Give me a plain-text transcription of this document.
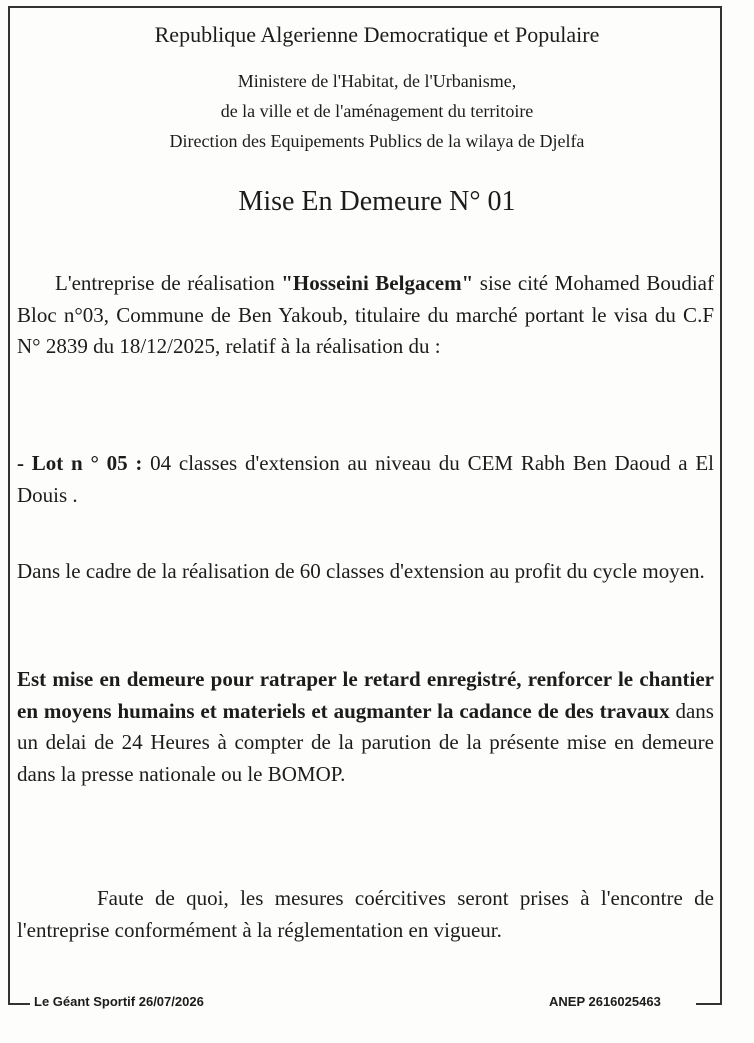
Republique Algerienne Democratique et Populaire
Ministere de l'Habitat, de l'Urbanisme,
de la ville et de l'aménagement du territoire
Direction des Equipements Publics de la wilaya de Djelfa
Mise En Demeure N° 01
L'entreprise de réalisation "Hosseini Belgacem" sise cité Mohamed Boudiaf Bloc n°03, Commune de Ben Yakoub, titulaire du marché portant le visa du C.F N° 2839 du 18/12/2025, relatif à la réalisation du :
- Lot n ° 05 : 04 classes d'extension au niveau du CEM Rabh Ben Daoud a El Douis .
Dans le cadre de la réalisation de 60 classes d'extension au profit du cycle moyen.
Est mise en demeure pour ratraper le retard enregistré, renforcer le chantier en moyens humains et materiels et augmanter la cadance de des travaux dans un delai de 24 Heures à compter de la parution de la présente mise en demeure dans la presse nationale ou le BOMOP.
Faute de quoi, les mesures coércitives seront prises à l'encontre de l'entreprise conformément à la réglementation en vigueur.
Le Géant Sportif 26/07/2026	ANEP 2616025463
